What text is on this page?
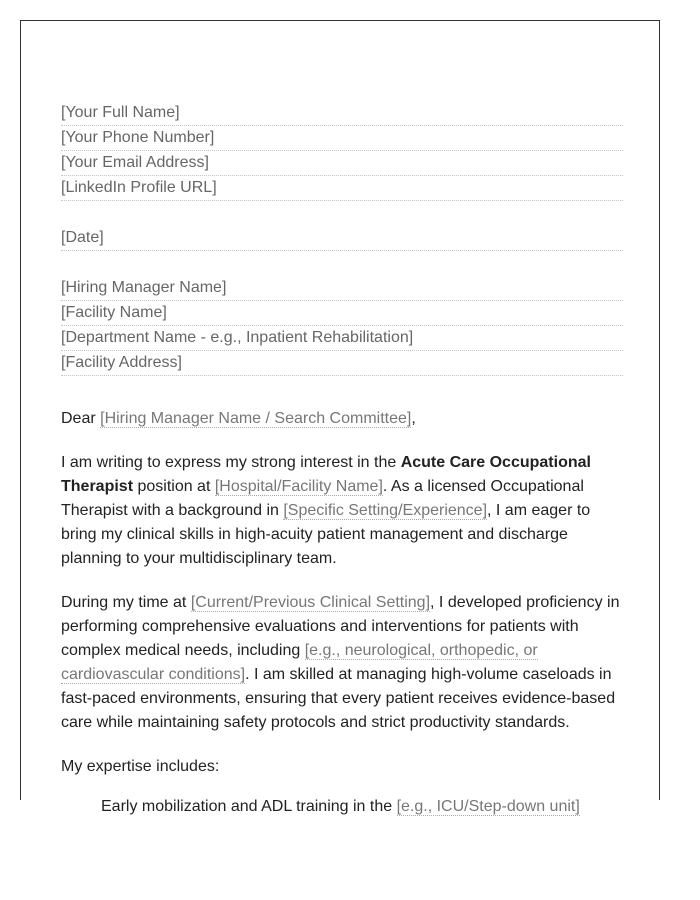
[Your Full Name]
[Your Phone Number]
[Your Email Address]
[LinkedIn Profile URL]
[Date]
[Hiring Manager Name]
[Facility Name]
[Department Name - e.g., Inpatient Rehabilitation]
[Facility Address]

Dear [Hiring Manager Name / Search Committee],

I am writing to express my strong interest in the Acute Care Occupational Therapist position at [Hospital/Facility Name]. As a licensed Occupational Therapist with a background in [Specific Setting/Experience], I am eager to bring my clinical skills in high-acuity patient management and discharge planning to your multidisciplinary team.

During my time at [Current/Previous Clinical Setting], I developed proficiency in performing comprehensive evaluations and interventions for patients with complex medical needs, including [e.g., neurological, orthopedic, or cardiovascular conditions]. I am skilled at managing high-volume caseloads in fast-paced environments, ensuring that every patient receives evidence-based care while maintaining safety protocols and strict productivity standards.

My expertise includes:

Early mobilization and ADL training in the [e.g., ICU/Step-down unit]
